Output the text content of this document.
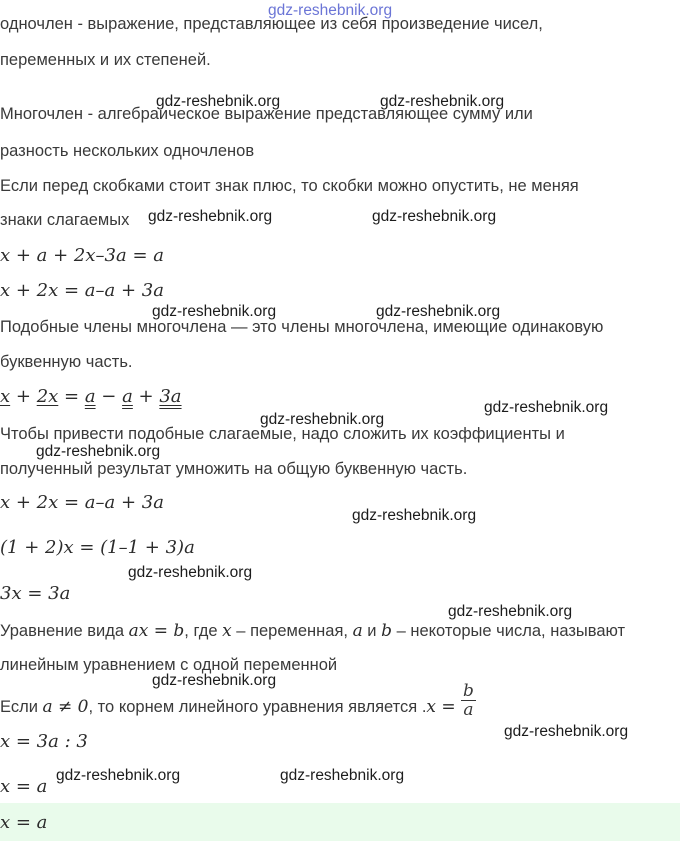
gdz-reshebnik.org
одночлен - выражение, представляющее из себя произведение чисел,
переменных и их степеней.
gdz-reshebnik.org	gdz-reshebnik.org
Многочлен - алгебраическое выражение представляющее сумму или
разность нескольких одночленов
Если перед скобками стоит знак плюс, то скобки можно опустить, не меняя
знаки слагаемых gdz-reshebnik.org	gdz-reshebnik.org
x + a + 2x–3a = a
x + 2x = a–a + 3a
gdz-reshebnik.org	gdz-reshebnik.org
Подобные члены многочлена — это члены многочлена, имеющие одинаковую
буквенную часть.
x + 2x = a − a + 3a
gdz-reshebnik.org
gdz-reshebnik.org
Чтобы привести подобные слагаемые, надо сложить их коэффициенты и
gdz-reshebnik.org
полученный результат умножить на общую буквенную часть.
x + 2x = a–a + 3a
gdz-reshebnik.org
(1 + 2)x = (1–1 + 3)a
gdz-reshebnik.org
3x = 3a
gdz-reshebnik.org
Уравнение вида ax = b, где x – переменная, a и b – некоторые числа, называют
линейным уравнением с одной переменной
gdz-reshebnik.org
Если a ≠ 0, то корнем линейного уравнения является $.x = \frac{b}{a}$
gdz-reshebnik.org
x = 3a : 3
gdz-reshebnik.org	gdz-reshebnik.org
x = a
x = a
